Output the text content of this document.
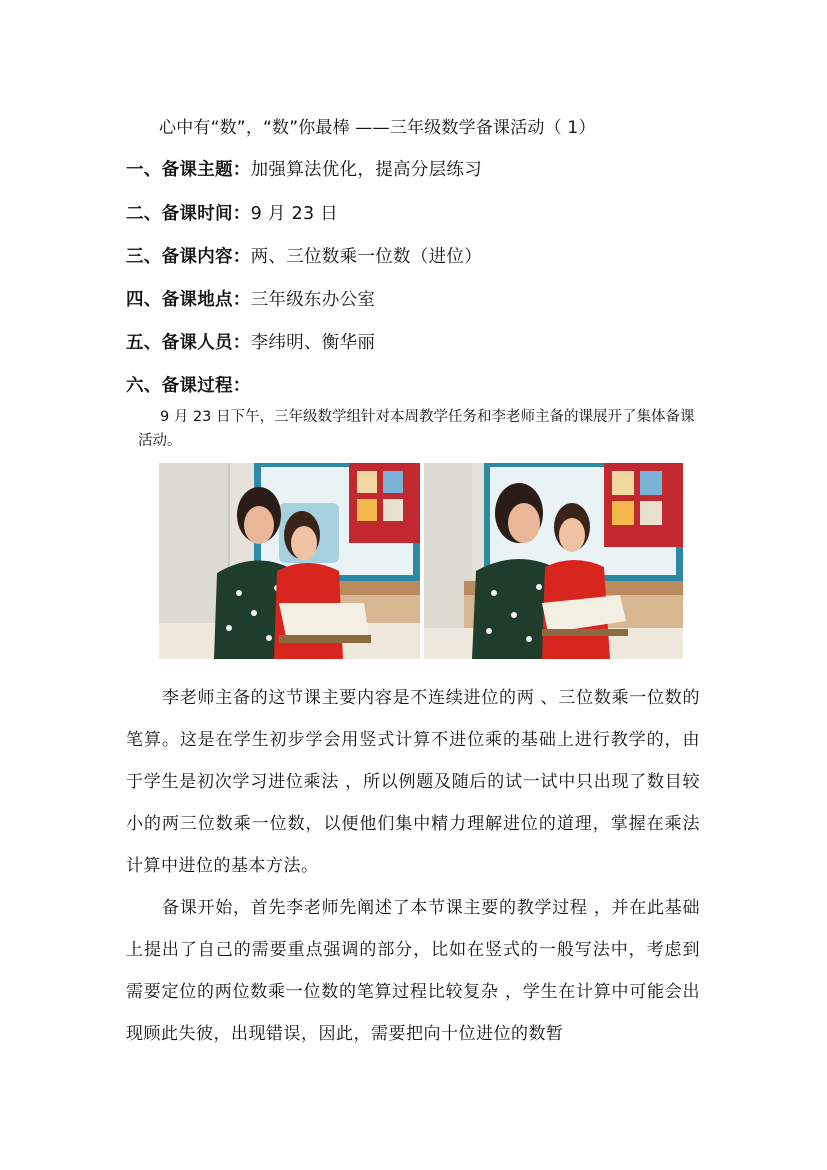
心中有“数”，“数”你最棒 ——三年级数学备课活动（ 1）
一、备课主题：加强算法优化，提高分层练习
二、备课时间：9 月 23 日
三、备课内容：两、三位数乘一位数（进位）
四、备课地点：三年级东办公室
五、备课人员：李纬明、衡华丽
六、备课过程：
9 月 23 日下午，三年级数学组针对本周教学任务和李老师主备的课展开了集体备课活动。
李老师主备的这节课主要内容是不连续进位的两 、三位数乘一位数的笔算。这是在学生初步学会用竖式计算不进位乘的基础上进行教学的，由于学生是初次学习进位乘法 ，所以例题及随后的试一试中只出现了数目较小的两三位数乘一位数，以便他们集中精力理解进位的道理，掌握在乘法计算中进位的基本方法。
备课开始，首先李老师先阐述了本节课主要的教学过程 ，并在此基础上提出了自己的需要重点强调的部分，比如在竖式的一般写法中，考虑到需要定位的两位数乘一位数的笔算过程比较复杂 ，学生在计算中可能会出现顾此失彼，出现错误，因此，需要把向十位进位的数暂
